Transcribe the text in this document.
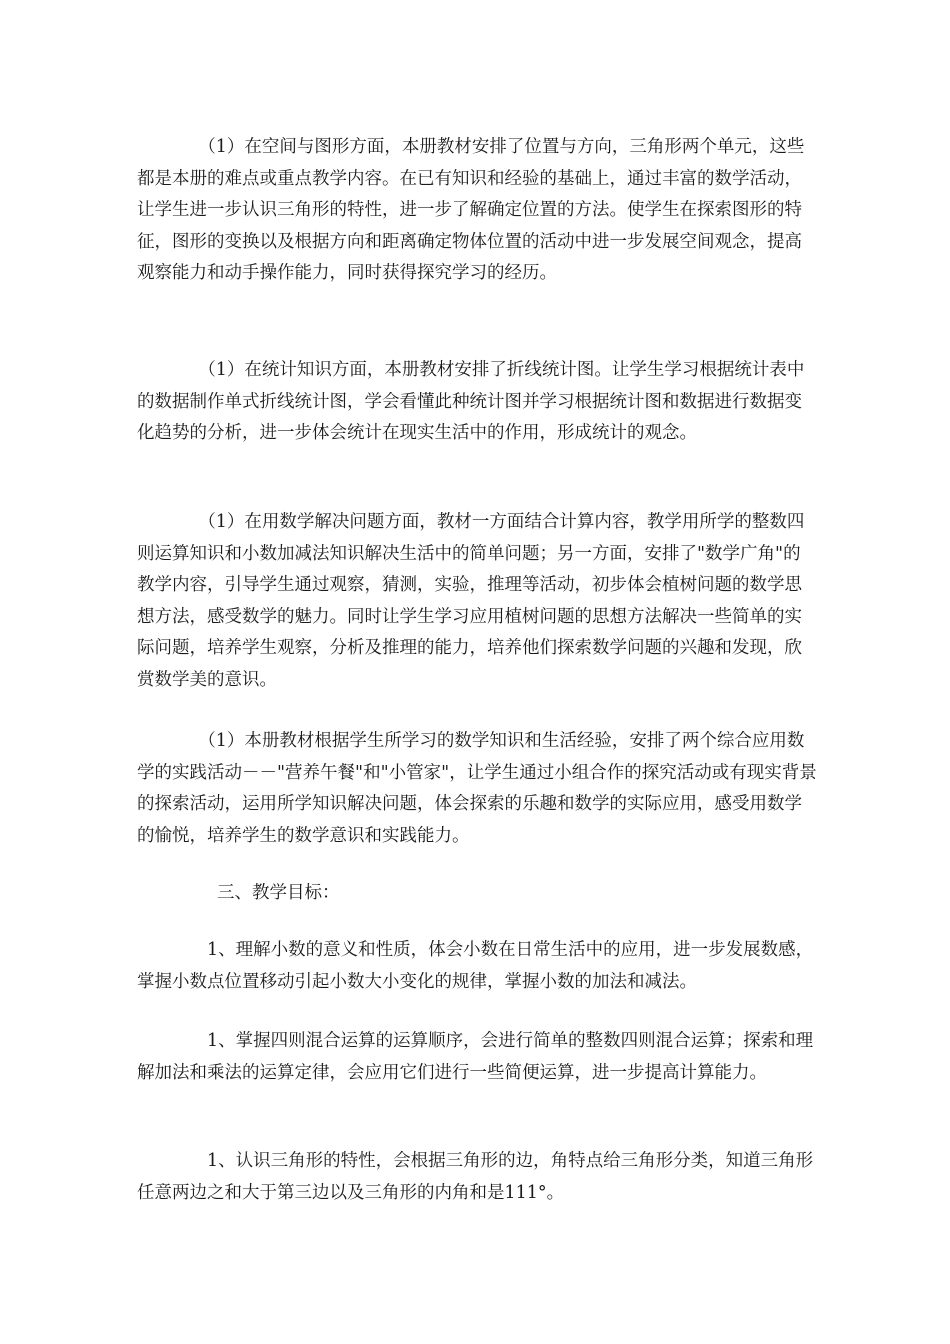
　　　　（1）在空间与图形方面，本册教材安排了位置与方向，三角形两个单元，这些都是本册的难点或重点教学内容。在已有知识和经验的基础上，通过丰富的数学活动，让学生进一步认识三角形的特性，进一步了解确定位置的方法。使学生在探索图形的特征，图形的变换以及根据方向和距离确定物体位置的活动中进一步发展空间观念，提高观察能力和动手操作能力，同时获得探究学习的经历。

　　　　（1）在统计知识方面，本册教材安排了折线统计图。让学生学习根据统计表中的数据制作单式折线统计图，学会看懂此种统计图并学习根据统计图和数据进行数据变化趋势的分析，进一步体会统计在现实生活中的作用，形成统计的观念。

　　　　（1）在用数学解决问题方面，教材一方面结合计算内容，教学用所学的整数四则运算知识和小数加减法知识解决生活中的简单问题；另一方面，安排了"数学广角"的教学内容，引导学生通过观察，猜测，实验，推理等活动，初步体会植树问题的数学思想方法，感受数学的魅力。同时让学生学习应用植树问题的思想方法解决一些简单的实际问题，培养学生观察，分析及推理的能力，培养他们探索数学问题的兴趣和发现，欣赏数学美的意识。

　　　　（1）本册教材根据学生所学习的数学知识和生活经验，安排了两个综合应用数学的实践活动－－"营养午餐"和"小管家"，让学生通过小组合作的探究活动或有现实背景的探索活动，运用所学知识解决问题，体会探索的乐趣和数学的实际应用，感受用数学的愉悦，培养学生的数学意识和实践能力。

三、教学目标：

　　　　1、理解小数的意义和性质，体会小数在日常生活中的应用，进一步发展数感，掌握小数点位置移动引起小数大小变化的规律，掌握小数的加法和减法。

　　　　1、掌握四则混合运算的运算顺序，会进行简单的整数四则混合运算；探索和理解加法和乘法的运算定律，会应用它们进行一些简便运算，进一步提高计算能力。

　　　　1、认识三角形的特性，会根据三角形的边，角特点给三角形分类，知道三角形任意两边之和大于第三边以及三角形的内角和是111°。
